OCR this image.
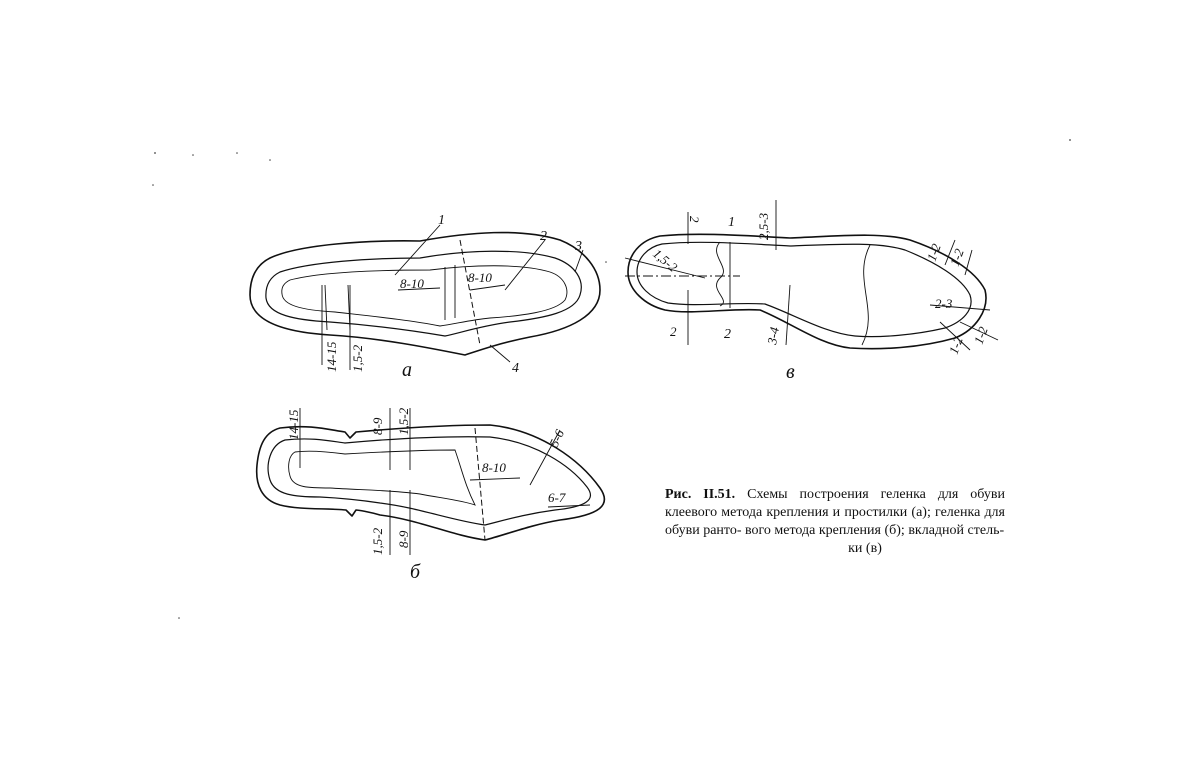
1
2
3
4
8-10	8-10
14-15 1,5-2 а
14-15	8-9 1,5-2
8-10
5-6
6-7
1,5-2 8-9
б
2
1,5-2
2
2,5-3
3-4
1-2 1-2
2-3
1-2 1-2
1
2
в
Рис. II.51. Схемы построения геленка для обуви клеевого метода крепления и простилки (а); геленка для обуви ранто- вого метода крепления (б); вкладной стель-
ки (в)
